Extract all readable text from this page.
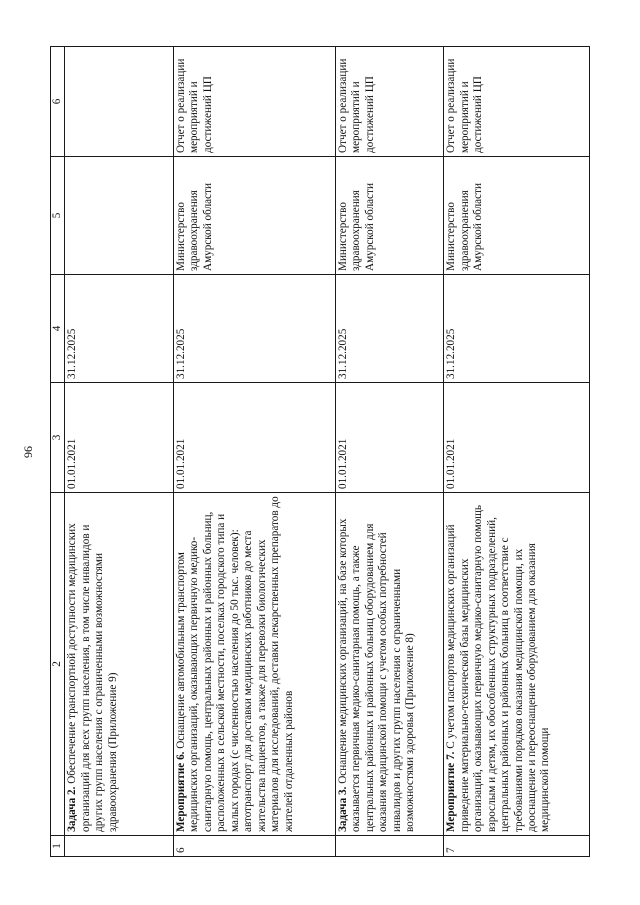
96
1	2	3	4	5	6
	Задача 2. Обеспечение транспортной доступности медицинских организаций для всех групп населения, в том числе инвалидов и других групп населения с ограниченными возможностями здравоохранения (Приложение 9)	01.01.2021	31.12.2025		
6	Мероприятие 6. Оснащение автомобильным транспортом медицинских организаций, оказывающих первичную медико-санитарную помощь, центральных районных и районных больниц, расположенных в сельской местности, поселках городского типа и малых городах (с численностью населения до 50 тыс. человек): автотранспорт для доставки медицинских работников до места жительства пациентов, а также для перевозки биологических материалов для исследований, доставки лекарственных препаратов до жителей отдаленных районов	01.01.2021	31.12.2025	Министерство здравоохранения Амурской области	Отчет о реализации мероприятий и достижений ЦП
	Задача 3. Оснащение медицинских организаций, на базе которых оказывается первичная медико-санитарная помощь, а также центральных районных и районных больниц оборудованием для оказания медицинской помощи с учетом особых потребностей инвалидов и других групп населения с ограниченными возможностями здоровья (Приложение 8)	01.01.2021	31.12.2025	Министерство здравоохранения Амурской области	Отчет о реализации мероприятий и достижений ЦП
7	Мероприятие 7. С учетом паспортов медицинских организаций приведение материально-технической базы медицинских организаций, оказывающих первичную медико-санитарную помощь взрослым и детям, их обособленных структурных подразделений, центральных районных и районных больниц в соответствие с требованиями порядков оказания медицинской помощи, их дооснащение и переоснащение оборудованием для оказания медицинской помощи	01.01.2021	31.12.2025	Министерство здравоохранения Амурской области	Отчет о реализации мероприятий и достижений ЦП
